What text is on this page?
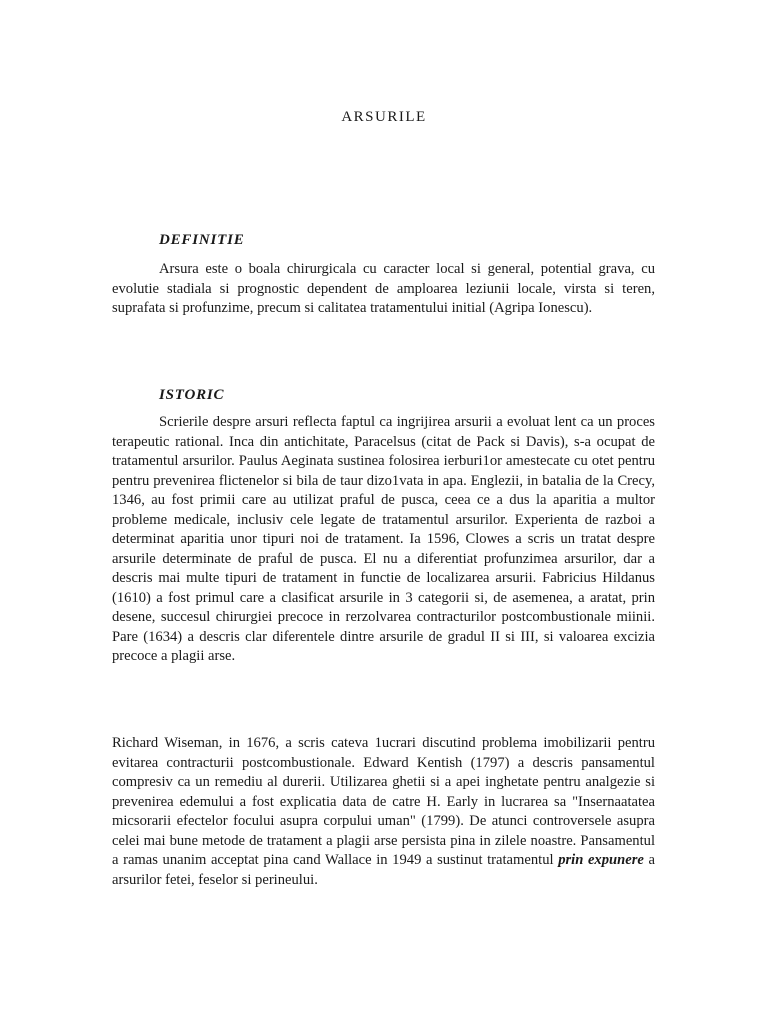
ARSURILE
DEFINITIE

Arsura este o boala chirurgicala cu caracter local si general, potential grava, cu evolutie stadiala si prognostic dependent de amploarea leziunii locale, virsta si teren, suprafata si profunzime, precum si calitatea tratamentului initial (Agripa Ionescu).

ISTORIC

Scrierile despre arsuri reflecta faptul ca ingrijirea arsurii a evoluat lent ca un proces terapeutic rational. Inca din antichitate, Paracelsus (citat de Pack si Davis), s-a ocupat de tratamentul arsurilor. Paulus Aeginata sustinea folosirea ierburi1or amestecate cu otet pentru pentru prevenirea flictenelor si bila de taur dizo1vata in apa. Englezii, in batalia de la Crecy, 1346, au fost primii care au utilizat praful de pusca, ceea ce a dus la aparitia a multor probleme medicale, inclusiv cele legate de tratamentul arsurilor. Experienta de razboi a determinat aparitia unor tipuri noi de tratament. Ia 1596, Clowes a scris un tratat despre arsurile determinate de praful de pusca. El nu a diferentiat profunzimea arsurilor, dar a descris mai multe tipuri de tratament in functie de localizarea arsurii. Fabricius Hildanus (1610) a fost primul care a clasificat arsurile in 3 categorii si, de asemenea, a aratat, prin desene, succesul chirurgiei precoce in rerzolvarea contracturilor postcombustionale miinii. Pare (1634) a descris clar diferentele dintre arsurile de gradul II si III, si valoarea excizia precoce a plagii arse.

Richard Wiseman, in 1676, a scris cateva 1ucrari discutind problema imobilizarii pentru evitarea contracturii postcombustionale. Edward Kentish (1797) a descris pansamentul compresiv ca un remediu al durerii. Utilizarea ghetii si a apei inghetate pentru analgezie si prevenirea edemului a fost explicatia data de catre H. Early in lucrarea sa "Insernaatatea micsorarii efectelor focului asupra corpului uman" (1799). De atunci controversele asupra celei mai bune metode de tratament a plagii arse persista pina in zilele noastre. Pansamentul a ramas unanim acceptat pina cand Wallace in 1949 a sustinut tratamentul prin expunere a arsurilor fetei, feselor si perineului.
